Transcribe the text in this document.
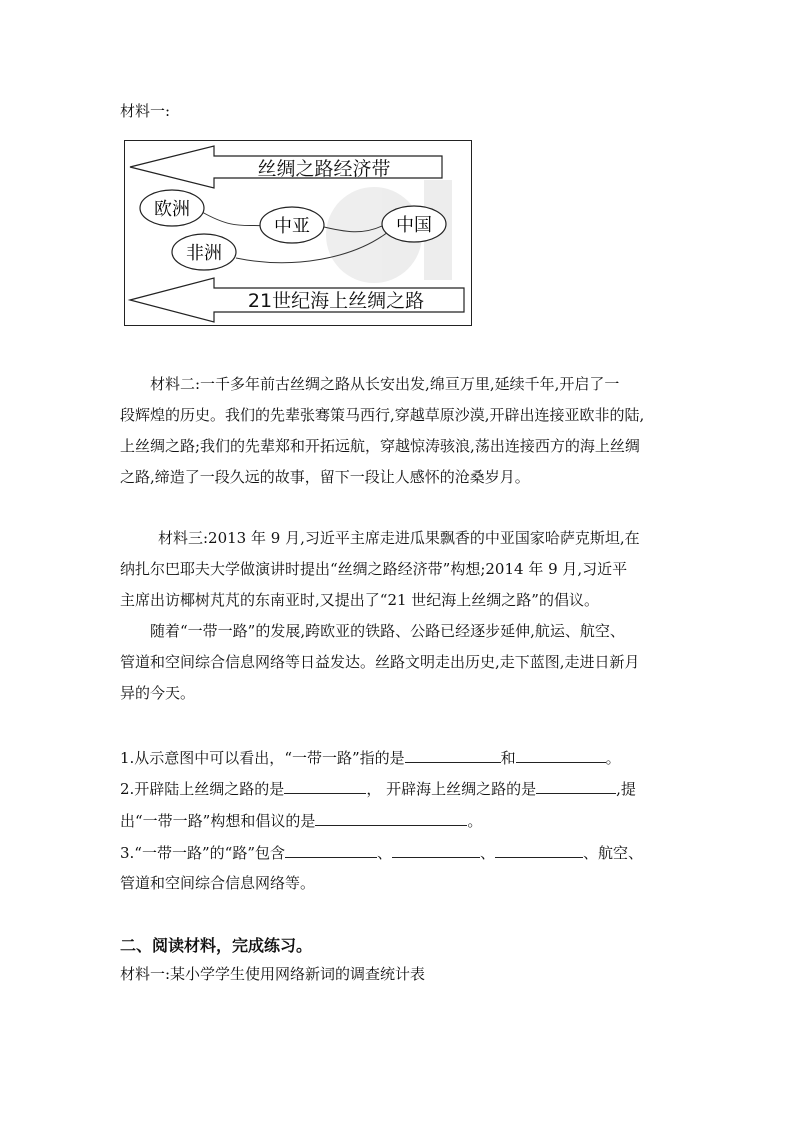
材料一:
丝绸之路经济带
欧洲
中亚	中国
非洲
21世纪海上丝绸之路
材料二:一千多年前古丝绸之路从长安出发,绵亘万里,延续千年,开启了一
段辉煌的历史。我们的先辈张骞策马西行,穿越草原沙漠,开辟出连接亚欧非的陆,
上丝绸之路;我们的先辈郑和开拓远航，穿越惊涛骇浪,荡出连接西方的海上丝绸
之路,缔造了一段久远的故事，留下一段让人感怀的沧桑岁月。
材料三:2013 年 9 月,习近平主席走进瓜果飘香的中亚国家哈萨克斯坦,在
纳扎尔巴耶夫大学做演讲时提出“丝绸之路经济带”构想;2014 年 9 月,习近平
主席出访椰树芃芃的东南亚时,又提出了“21 世纪海上丝绸之路”的倡议。
随着“一带一路”的发展,跨欧亚的铁路、公路已经逐步延伸,航运、航空、
管道和空间综合信息网络等日益发达。丝路文明走出历史,走下蓝图,走进日新月
异的今天。
1.从示意图中可以看出，“一带一路”指的是	和	。
2.开辟陆上丝绸之路的是	， 开辟海上丝绸之路的是	,提
出“一带一路”构想和倡议的是	。
3.“一带一路”的“路”包含	、	、	、航空、
管道和空间综合信息网络等。
二、阅读材料，完成练习。
材料一:某小学学生使用网络新词的调查统计表
